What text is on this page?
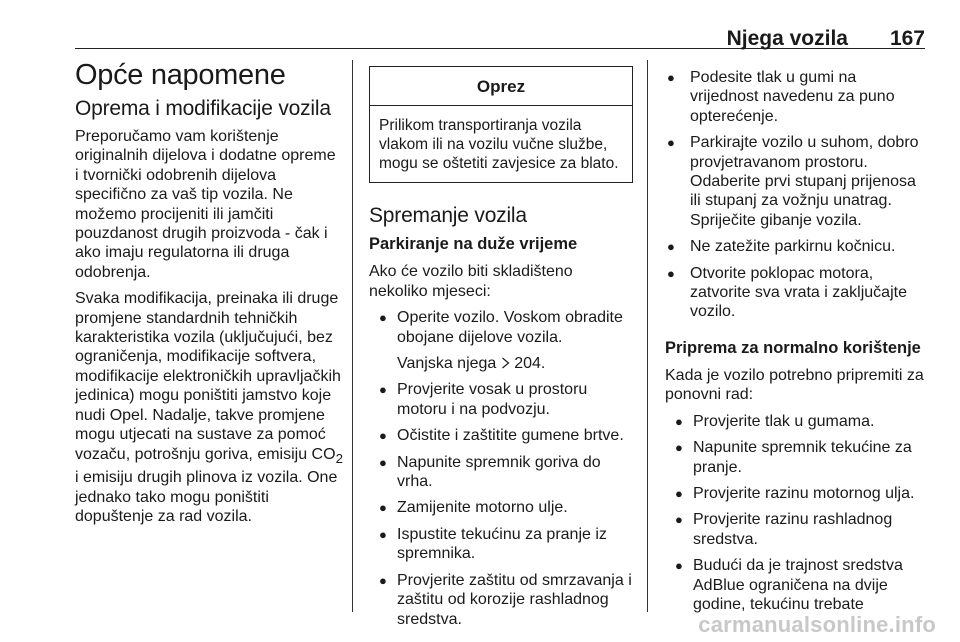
Njega vozila 167
Opće napomene
Oprema i modifikacije vozila

Preporučamo vam korištenje originalnih dijelova i dodatne opreme i tvornički odobrenih dijelova specifično za vaš tip vozila. Ne možemo procijeniti ili jamčiti pouzdanost drugih proizvoda - čak i ako imaju regulatorna ili druga odobrenja.

Svaka modifikacija, preinaka ili druge promjene standardnih tehničkih karakteristika vozila (uključujući, bez ograničenja, modifikacije softvera, modifikacije elektroničkih upravljačkih jedinica) mogu poništiti jamstvo koje nudi Opel. Nadalje, takve promjene mogu utjecati na sustave za pomoć vozaču, potrošnju goriva, emisiju $CO_2$ i emisiju drugih plinova iz vozila. One jednako tako mogu poništiti dopuštenje za rad vozila.

Oprez
Prilikom transportiranja vozila vlakom ili na vozilu vučne službe, mogu se oštetiti zavjesice za blato.
Spremanje vozila
Parkiranje na duže vrijeme

Ako će vozilo biti skladišteno nekoliko mjeseci:

● Operite vozilo. Voskom obradite obojane dijelove vozila.
Vanjska njega 204.
● Provjerite vosak u prostoru motoru i na podvozju.
● Očistite i zaštitite gumene brtve.
● Napunite spremnik goriva do vrha.
● Zamijenite motorno ulje.
● Ispustite tekućinu za pranje iz spremnika.
● Provjerite zaštitu od smrzavanja i zaštitu od korozije rashladnog sredstva.
● Podesite tlak u gumi na vrijednost navedenu za puno opterećenje.
● Parkirajte vozilo u suhom, dobro provjetravanom prostoru. Odaberite prvi stupanj prijenosa ili stupanj za vožnju unatrag. Spriječite gibanje vozila.
● Ne zatežite parkirnu kočnicu.
● Otvorite poklopac motora, zatvorite sva vrata i zaključajte vozilo.
Priprema za normalno korištenje

Kada je vozilo potrebno pripremiti za ponovni rad:

● Provjerite tlak u gumama.
● Napunite spremnik tekućine za pranje.
● Provjerite razinu motornog ulja.
● Provjerite razinu rashladnog sredstva.
● Budući da je trajnost sredstva AdBlue ograničena na dvije godine, tekućinu trebate
carmanualsonline.info
